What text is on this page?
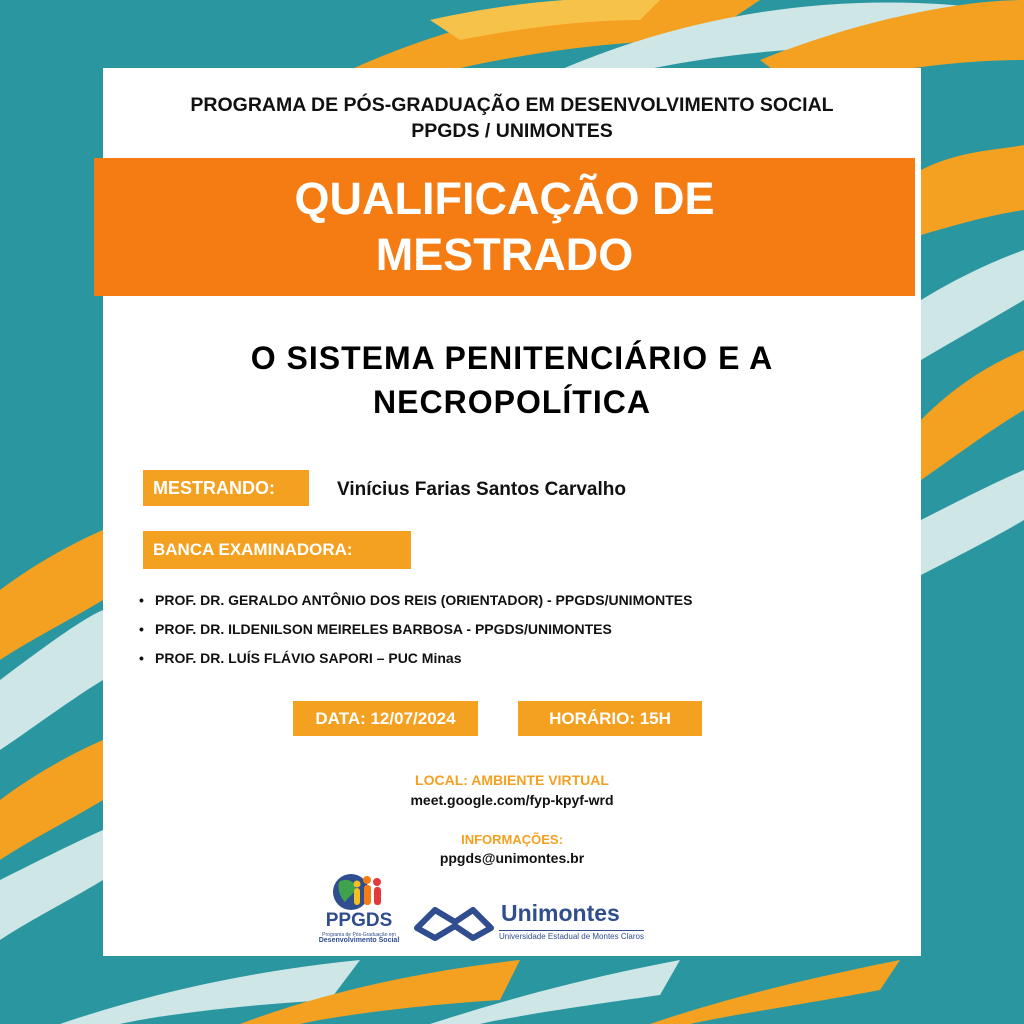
PROGRAMA DE PÓS-GRADUAÇÃO EM DESENVOLVIMENTO SOCIAL
PPGDS / UNIMONTES
QUALIFICAÇÃO DE
MESTRADO
O SISTEMA PENITENCIÁRIO E A
NECROPOLÍTICA
MESTRANDO:	Vinícius Farias Santos Carvalho
BANCA EXAMINADORA:
• PROF. DR. GERALDO ANTÔNIO DOS REIS (ORIENTADOR) - PPGDS/UNIMONTES
• PROF. DR. ILDENILSON MEIRELES BARBOSA - PPGDS/UNIMONTES
• PROF. DR. LUÍS FLÁVIO SAPORI – PUC Minas
DATA: 12/07/2024	HORÁRIO: 15H
LOCAL: AMBIENTE VIRTUAL
meet.google.com/fyp-kpyf-wrd
INFORMAÇÕES:
ppgds@unimontes.br
PPGDS
Programa de Pós-Graduação em
Desenvolvimento Social
Unimontes
Universidade Estadual de Montes Claros
